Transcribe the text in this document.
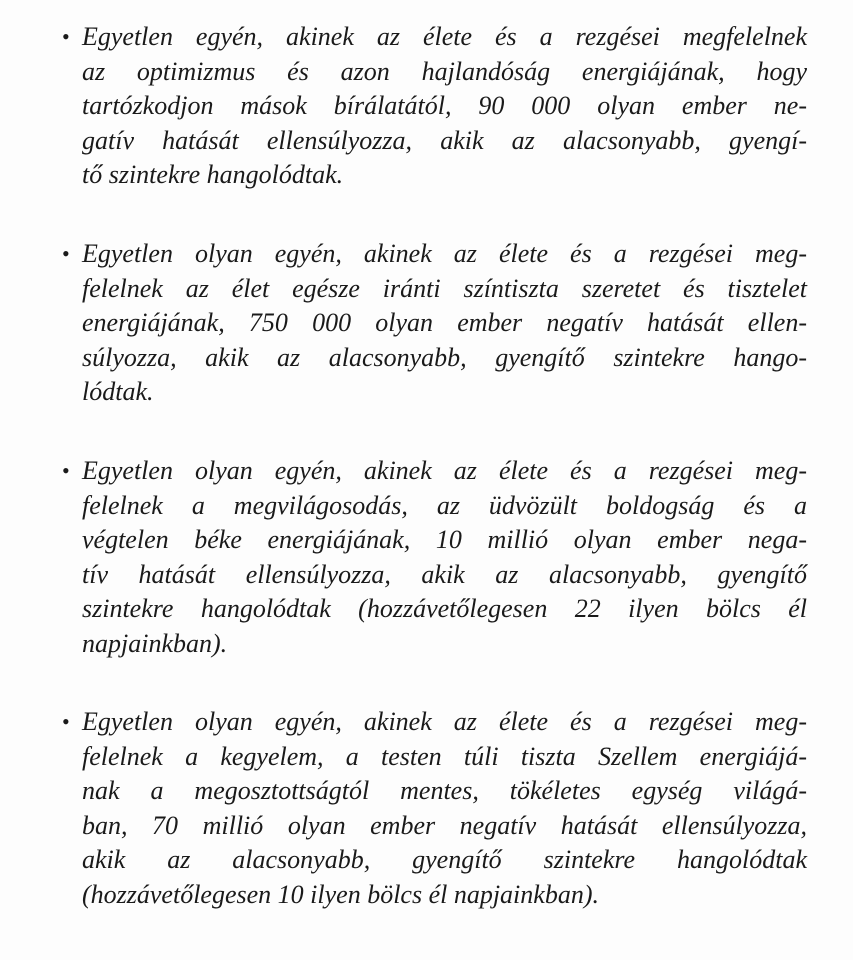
• Egyetlen egyén, akinek az élete és a rezgései megfelelnek
az optimizmus és azon hajlandóság energiájának, hogy
tartózkodjon mások bírálatától, 90 000 olyan ember ne-
gatív hatását ellensúlyozza, akik az alacsonyabb, gyengí-
tő szintekre hangolódtak.
• Egyetlen olyan egyén, akinek az élete és a rezgései meg-
felelnek az élet egésze iránti színtiszta szeretet és tisztelet
energiájának, 750 000 olyan ember negatív hatását ellen-
súlyozza, akik az alacsonyabb, gyengítő szintekre hango-
lódtak.
• Egyetlen olyan egyén, akinek az élete és a rezgései meg-
felelnek a megvilágosodás, az üdvözült boldogság és a
végtelen béke energiájának, 10 millió olyan ember nega-
tív hatását ellensúlyozza, akik az alacsonyabb, gyengítő
szintekre hangolódtak (hozzávetőlegesen 22 ilyen bölcs él
napjainkban).
• Egyetlen olyan egyén, akinek az élete és a rezgései meg-
felelnek a kegyelem, a testen túli tiszta Szellem energiájá-
nak a megosztottságtól mentes, tökéletes egység világá-
ban, 70 millió olyan ember negatív hatását ellensúlyozza,
akik az alacsonyabb, gyengítő szintekre hangolódtak
(hozzávetőlegesen 10 ilyen bölcs él napjainkban).
